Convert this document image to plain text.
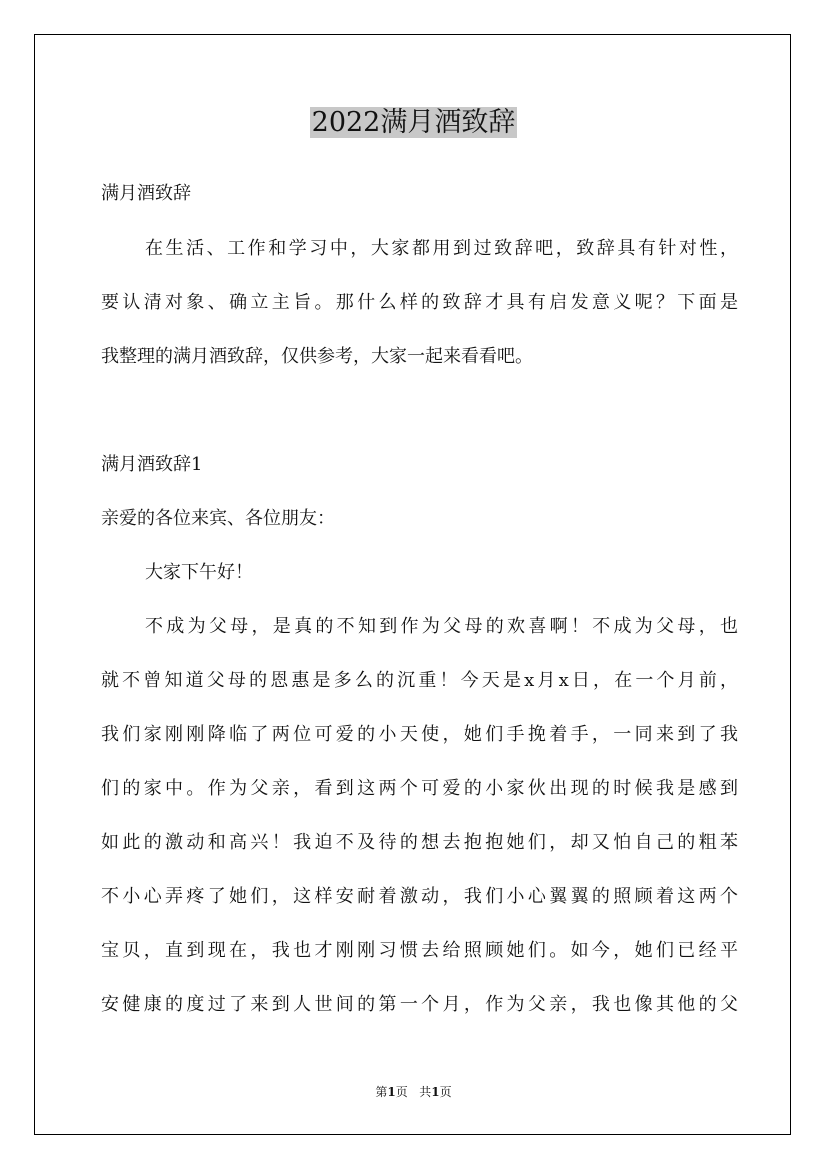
2022满月酒致辞
满月酒致辞
在生活、工作和学习中，大家都用到过致辞吧，致辞具有针对性，
要认清对象、确立主旨。那什么样的致辞才具有启发意义呢？下面是
我整理的满月酒致辞，仅供参考，大家一起来看看吧。
满月酒致辞1
亲爱的各位来宾、各位朋友：
大家下午好！
不成为父母，是真的不知到作为父母的欢喜啊！不成为父母，也
就不曾知道父母的恩惠是多么的沉重！今天是x月x日，在一个月前，
我们家刚刚降临了两位可爱的小天使，她们手挽着手，一同来到了我
们的家中。作为父亲，看到这两个可爱的小家伙出现的时候我是感到
如此的激动和高兴！我迫不及待的想去抱抱她们，却又怕自己的粗苯
不小心弄疼了她们，这样安耐着激动，我们小心翼翼的照顾着这两个
宝贝，直到现在，我也才刚刚习惯去给照顾她们。如今，她们已经平
安健康的度过了来到人世间的第一个月，作为父亲，我也像其他的父
第1页 共1页
